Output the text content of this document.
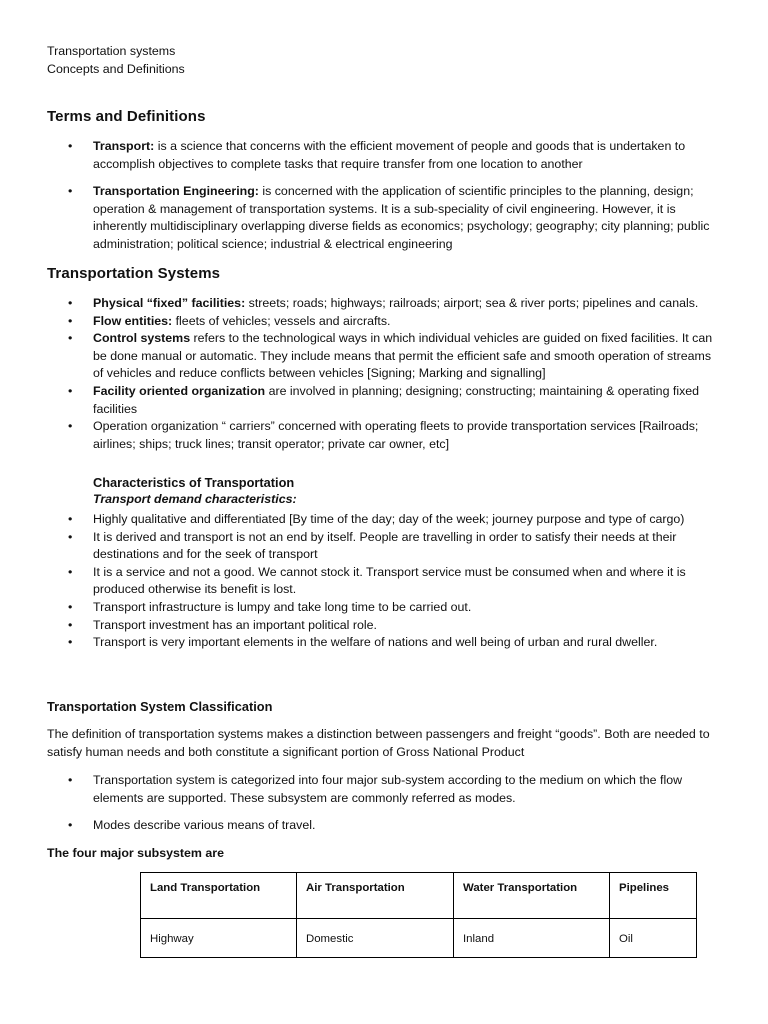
Transportation systems

Concepts and Definitions

Terms and Definitions

• Transport: is a science that concerns with the efficient movement of people and goods that is undertaken to accomplish objectives to complete tasks that require transfer from one location to another
• Transportation Engineering: is concerned with the application of scientific principles to the planning, design; operation & management of transportation systems. It is a sub-speciality of civil engineering. However, it is inherently multidisciplinary overlapping diverse fields as economics; psychology; geography; city planning; public administration; political science; industrial & electrical engineering

Transportation Systems

• Physical “fixed” facilities: streets; roads; highways; railroads; airport; sea & river ports; pipelines and canals.
• Flow entities: fleets of vehicles; vessels and aircrafts.
• Control systems refers to the technological ways in which individual vehicles are guided on fixed facilities. It can be done manual or automatic. They include means that permit the efficient safe and smooth operation of streams of vehicles and reduce conflicts between vehicles [Signing; Marking and signalling]
• Facility oriented organization are involved in planning; designing; constructing; maintaining & operating fixed facilities
• Operation organization “ carriers” concerned with operating fleets to provide transportation services [Railroads; airlines; ships; truck lines; transit operator; private car owner, etc]

Characteristics of Transportation

Transport demand characteristics:

• Highly qualitative and differentiated [By time of the day; day of the week; journey purpose and type of cargo)
• It is derived and transport is not an end by itself. People are travelling in order to satisfy their needs at their destinations and for the seek of transport
• It is a service and not a good. We cannot stock it. Transport service must be consumed when and where it is produced otherwise its benefit is lost.
• Transport infrastructure is lumpy and take long time to be carried out.
• Transport investment has an important political role.
• Transport is very important elements in the welfare of nations and well being of urban and rural dweller.

Transportation System Classification

The definition of transportation systems makes a distinction between passengers and freight “goods”. Both are needed to satisfy human needs and both constitute a significant portion of Gross National Product

• Transportation system is categorized into four major sub-system according to the medium on which the flow elements are supported. These subsystem are commonly referred as modes.
• Modes describe various means of travel.

The four major subsystem are

Land Transportation	Air Transportation	Water Transportation	Pipelines
Highway	Domestic	Inland	Oil
